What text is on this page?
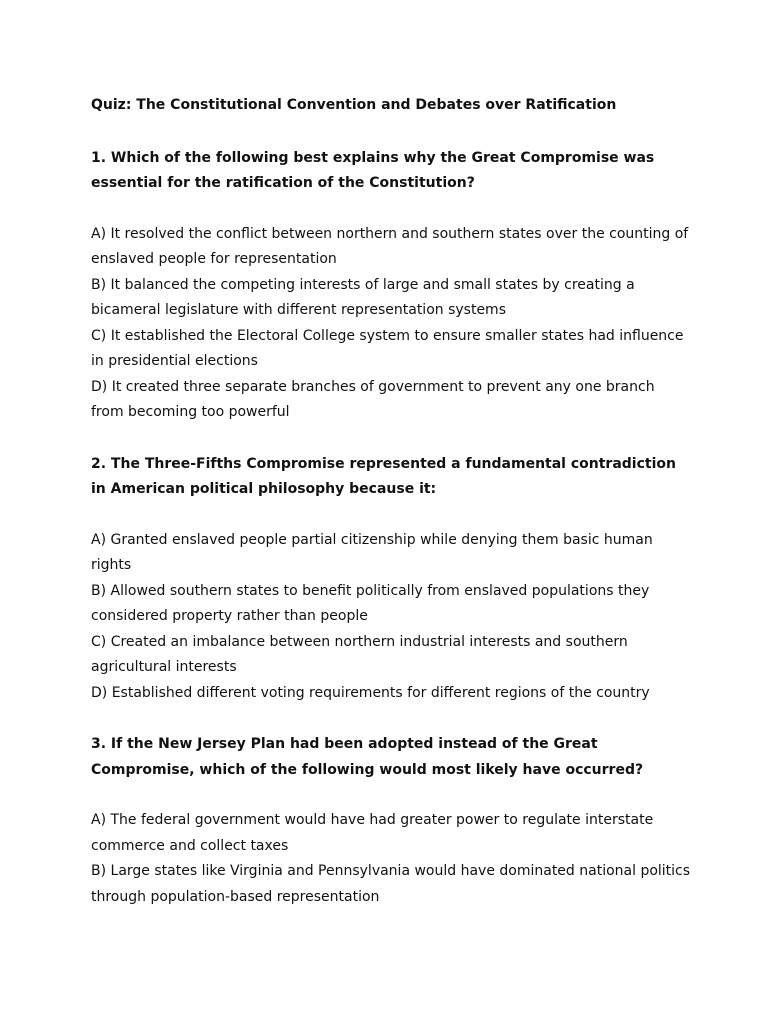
Quiz: The Constitutional Convention and Debates over Ratification
1. Which of the following best explains why the Great Compromise was essential for the ratification of the Constitution?
A) It resolved the conflict between northern and southern states over the counting of enslaved people for representation
B) It balanced the competing interests of large and small states by creating a bicameral legislature with different representation systems
C) It established the Electoral College system to ensure smaller states had influence in presidential elections
D) It created three separate branches of government to prevent any one branch from becoming too powerful
2. The Three-Fifths Compromise represented a fundamental contradiction in American political philosophy because it:
A) Granted enslaved people partial citizenship while denying them basic human rights
B) Allowed southern states to benefit politically from enslaved populations they considered property rather than people
C) Created an imbalance between northern industrial interests and southern agricultural interests
D) Established different voting requirements for different regions of the country
3. If the New Jersey Plan had been adopted instead of the Great Compromise, which of the following would most likely have occurred?
A) The federal government would have had greater power to regulate interstate commerce and collect taxes
B) Large states like Virginia and Pennsylvania would have dominated national politics through population-based representation
